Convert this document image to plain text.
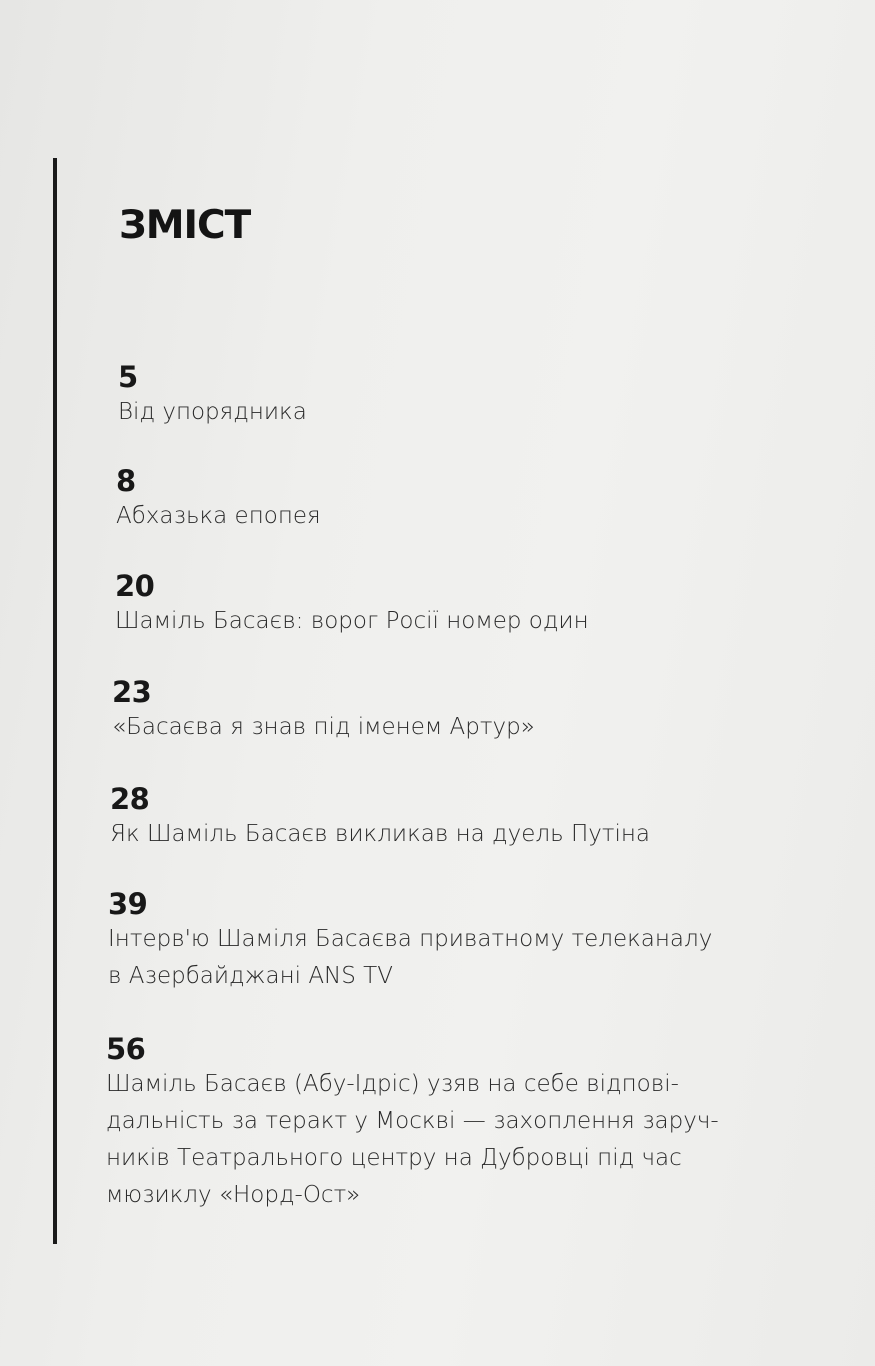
ЗМІСТ
5
Від упорядника
8
Абхазька епопея
20
Шаміль Басаєв: ворог Росії номер один
23
«Басаєва я знав під іменем Артур»
28
Як Шаміль Басаєв викликав на дуель Путіна
39
Інтерв'ю Шаміля Басаєва приватному телеканалу
в Азербайджані ANS TV
56
Шаміль Басаєв (Абу-Ідріс) узяв на себе відпові-
дальність за теракт у Москві — захоплення заруч-
ників Театрального центру на Дубровці під час
мюзиклу «Норд-Ост»
